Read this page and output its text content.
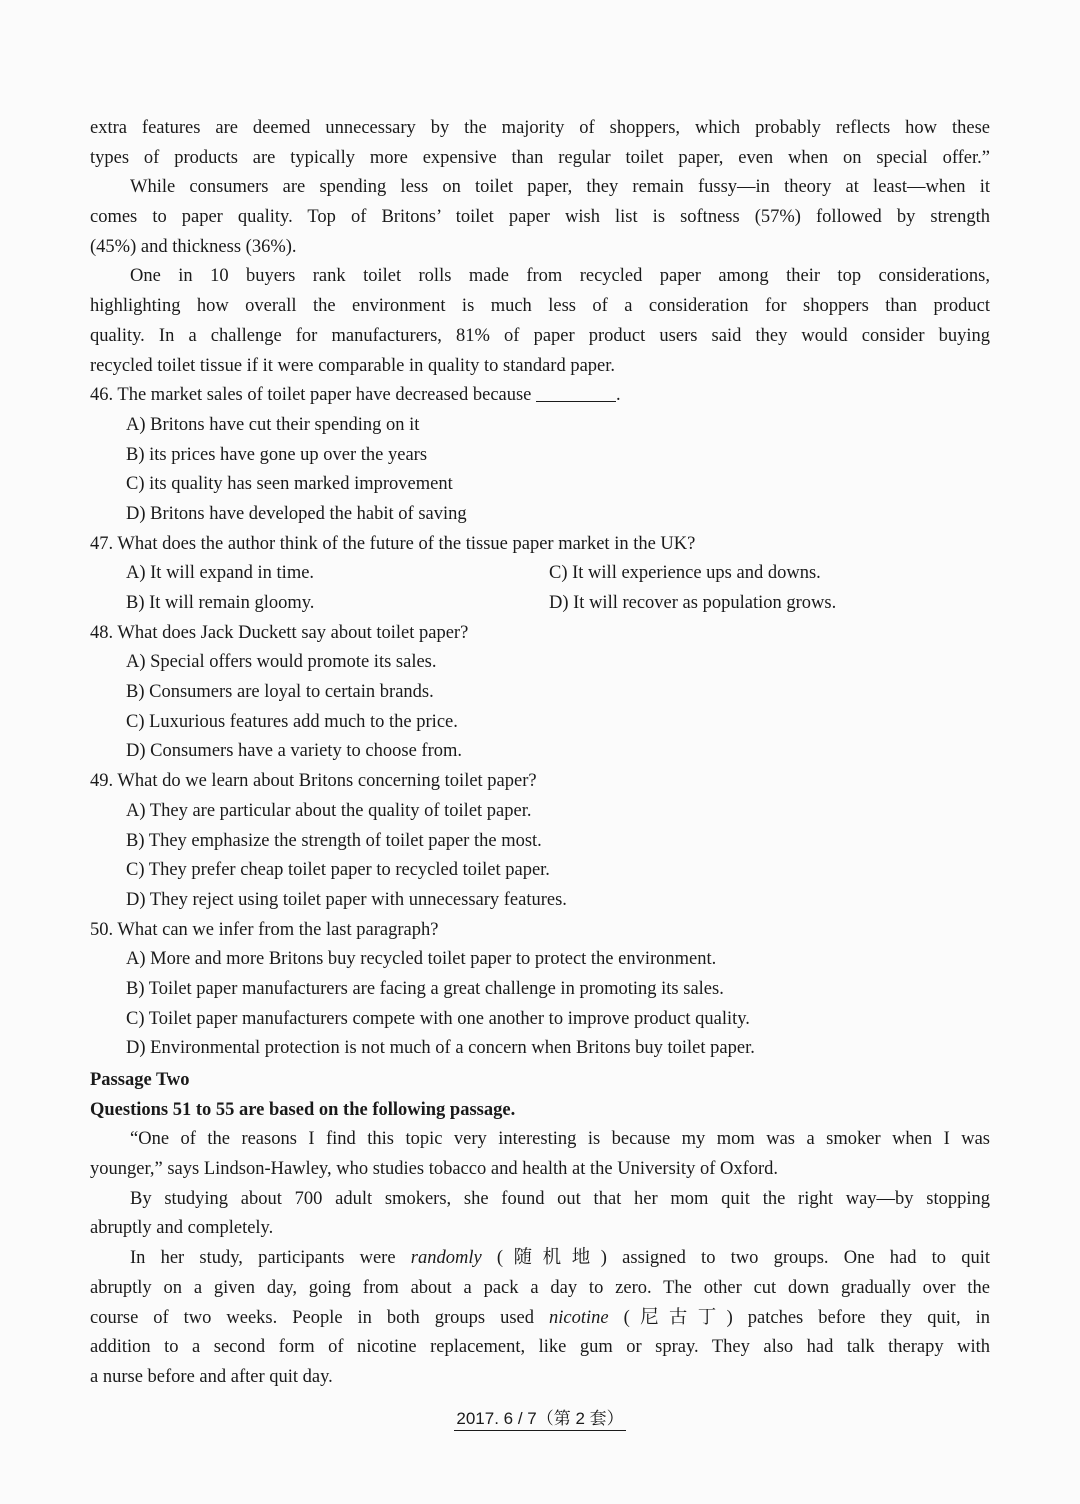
extra features are deemed unnecessary by the majority of shoppers, which probably reflects how these
types of products are typically more expensive than regular toilet paper, even when on special offer.”
While consumers are spending less on toilet paper, they remain fussy—in theory at least—when it
comes to paper quality. Top of Britons’ toilet paper wish list is softness (57%) followed by strength
(45%) and thickness (36%).
One in 10 buyers rank toilet rolls made from recycled paper among their top considerations,
highlighting how overall the environment is much less of a consideration for shoppers than product
quality. In a challenge for manufacturers, 81% of paper product users said they would consider buying
recycled toilet tissue if it were comparable in quality to standard paper.
46. The market sales of toilet paper have decreased because	.
A) Britons have cut their spending on it
B) its prices have gone up over the years
C) its quality has seen marked improvement
D) Britons have developed the habit of saving
47. What does the author think of the future of the tissue paper market in the UK?
A) It will expand in time.	C) It will experience ups and downs.
B) It will remain gloomy.	D) It will recover as population grows.
48. What does Jack Duckett say about toilet paper?
A) Special offers would promote its sales.
B) Consumers are loyal to certain brands.
C) Luxurious features add much to the price.
D) Consumers have a variety to choose from.
49. What do we learn about Britons concerning toilet paper?
A) They are particular about the quality of toilet paper.
B) They emphasize the strength of toilet paper the most.
C) They prefer cheap toilet paper to recycled toilet paper.
D) They reject using toilet paper with unnecessary features.
50. What can we infer from the last paragraph?
A) More and more Britons buy recycled toilet paper to protect the environment.
B) Toilet paper manufacturers are facing a great challenge in promoting its sales.
C) Toilet paper manufacturers compete with one another to improve product quality.
D) Environmental protection is not much of a concern when Britons buy toilet paper.
Passage Two
Questions 51 to 55 are based on the following passage.
“One of the reasons I find this topic very interesting is because my mom was a smoker when I was
younger,” says Lindson-Hawley, who studies tobacco and health at the University of Oxford.
By studying about 700 adult smokers, she found out that her mom quit the right way—by stopping
abruptly and completely.
In her study, participants were randomly (随机地) assigned to two groups. One had to quit
abruptly on a given day, going from about a pack a day to zero. The other cut down gradually over the
course of two weeks. People in both groups used nicotine (尼古丁) patches before they quit, in
addition to a second form of nicotine replacement, like gum or spray. They also had talk therapy with
a nurse before and after quit day.
2017. 6 / 7（第 2 套）
